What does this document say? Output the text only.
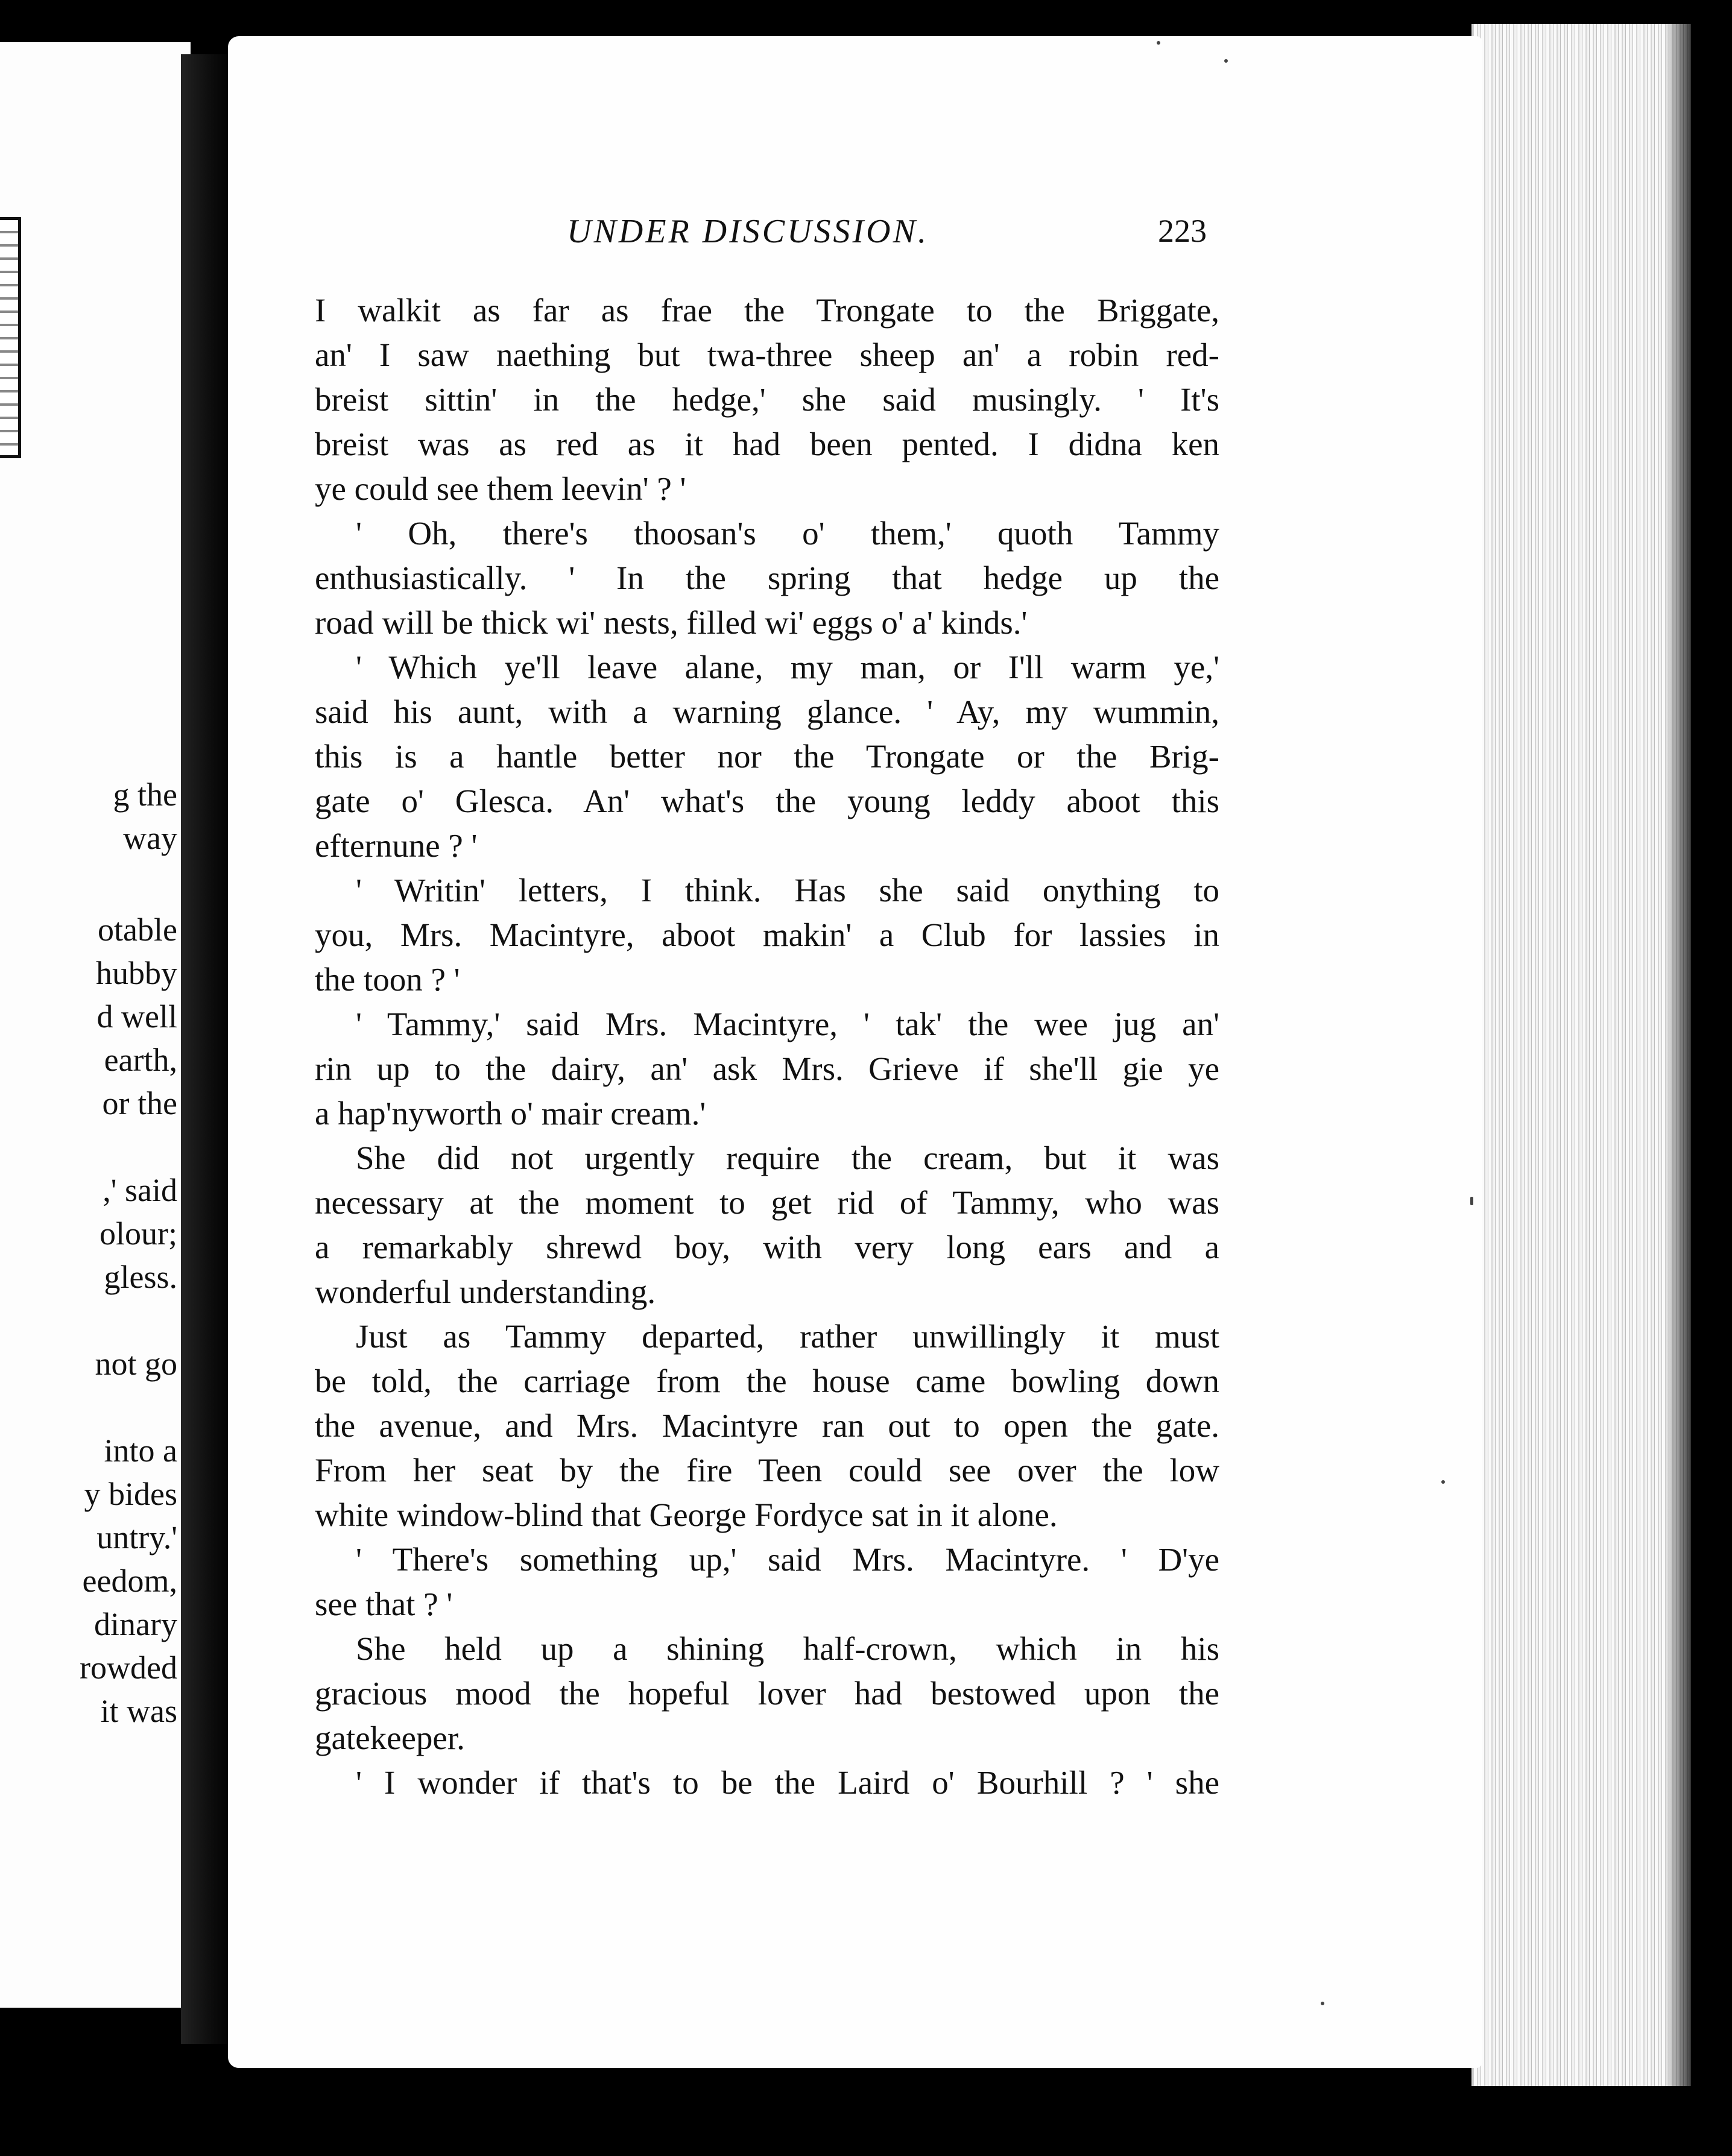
g the
way
otable
hubby
d well
earth,
or the
,' said
olour;
gless.
not go
into a
y bides
untry.'
eedom,
dinary
rowded
it was
UNDER DISCUSSION.	223
I walkit as far as frae the Trongate to the Briggate,
an' I saw naething but twa-three sheep an' a robin red-
breist sittin' in the hedge,' she said musingly. ' It's
breist was as red as it had been pented. I didna ken
ye could see them leevin' ? '
' Oh, there's thoosan's o' them,' quoth Tammy
enthusiastically. ' In the spring that hedge up the
road will be thick wi' nests, filled wi' eggs o' a' kinds.'
' Which ye'll leave alane, my man, or I'll warm ye,'
said his aunt, with a warning glance. ' Ay, my wummin,
this is a hantle better nor the Trongate or the Brig-
gate o' Glesca. An' what's the young leddy aboot this
efternune ? '
' Writin' letters, I think. Has she said onything to
you, Mrs. Macintyre, aboot makin' a Club for lassies in
the toon ? '
' Tammy,' said Mrs. Macintyre, ' tak' the wee jug an'
rin up to the dairy, an' ask Mrs. Grieve if she'll gie ye
a hap'nyworth o' mair cream.'
She did not urgently require the cream, but it was
necessary at the moment to get rid of Tammy, who was
a remarkably shrewd boy, with very long ears and a
wonderful understanding.
Just as Tammy departed, rather unwillingly it must
be told, the carriage from the house came bowling down
the avenue, and Mrs. Macintyre ran out to open the gate.
From her seat by the fire Teen could see over the low
white window-blind that George Fordyce sat in it alone.
' There's something up,' said Mrs. Macintyre. ' D'ye
see that ? '
She held up a shining half-crown, which in his
gracious mood the hopeful lover had bestowed upon the
gatekeeper.
' I wonder if that's to be the Laird o' Bourhill ? ' she
